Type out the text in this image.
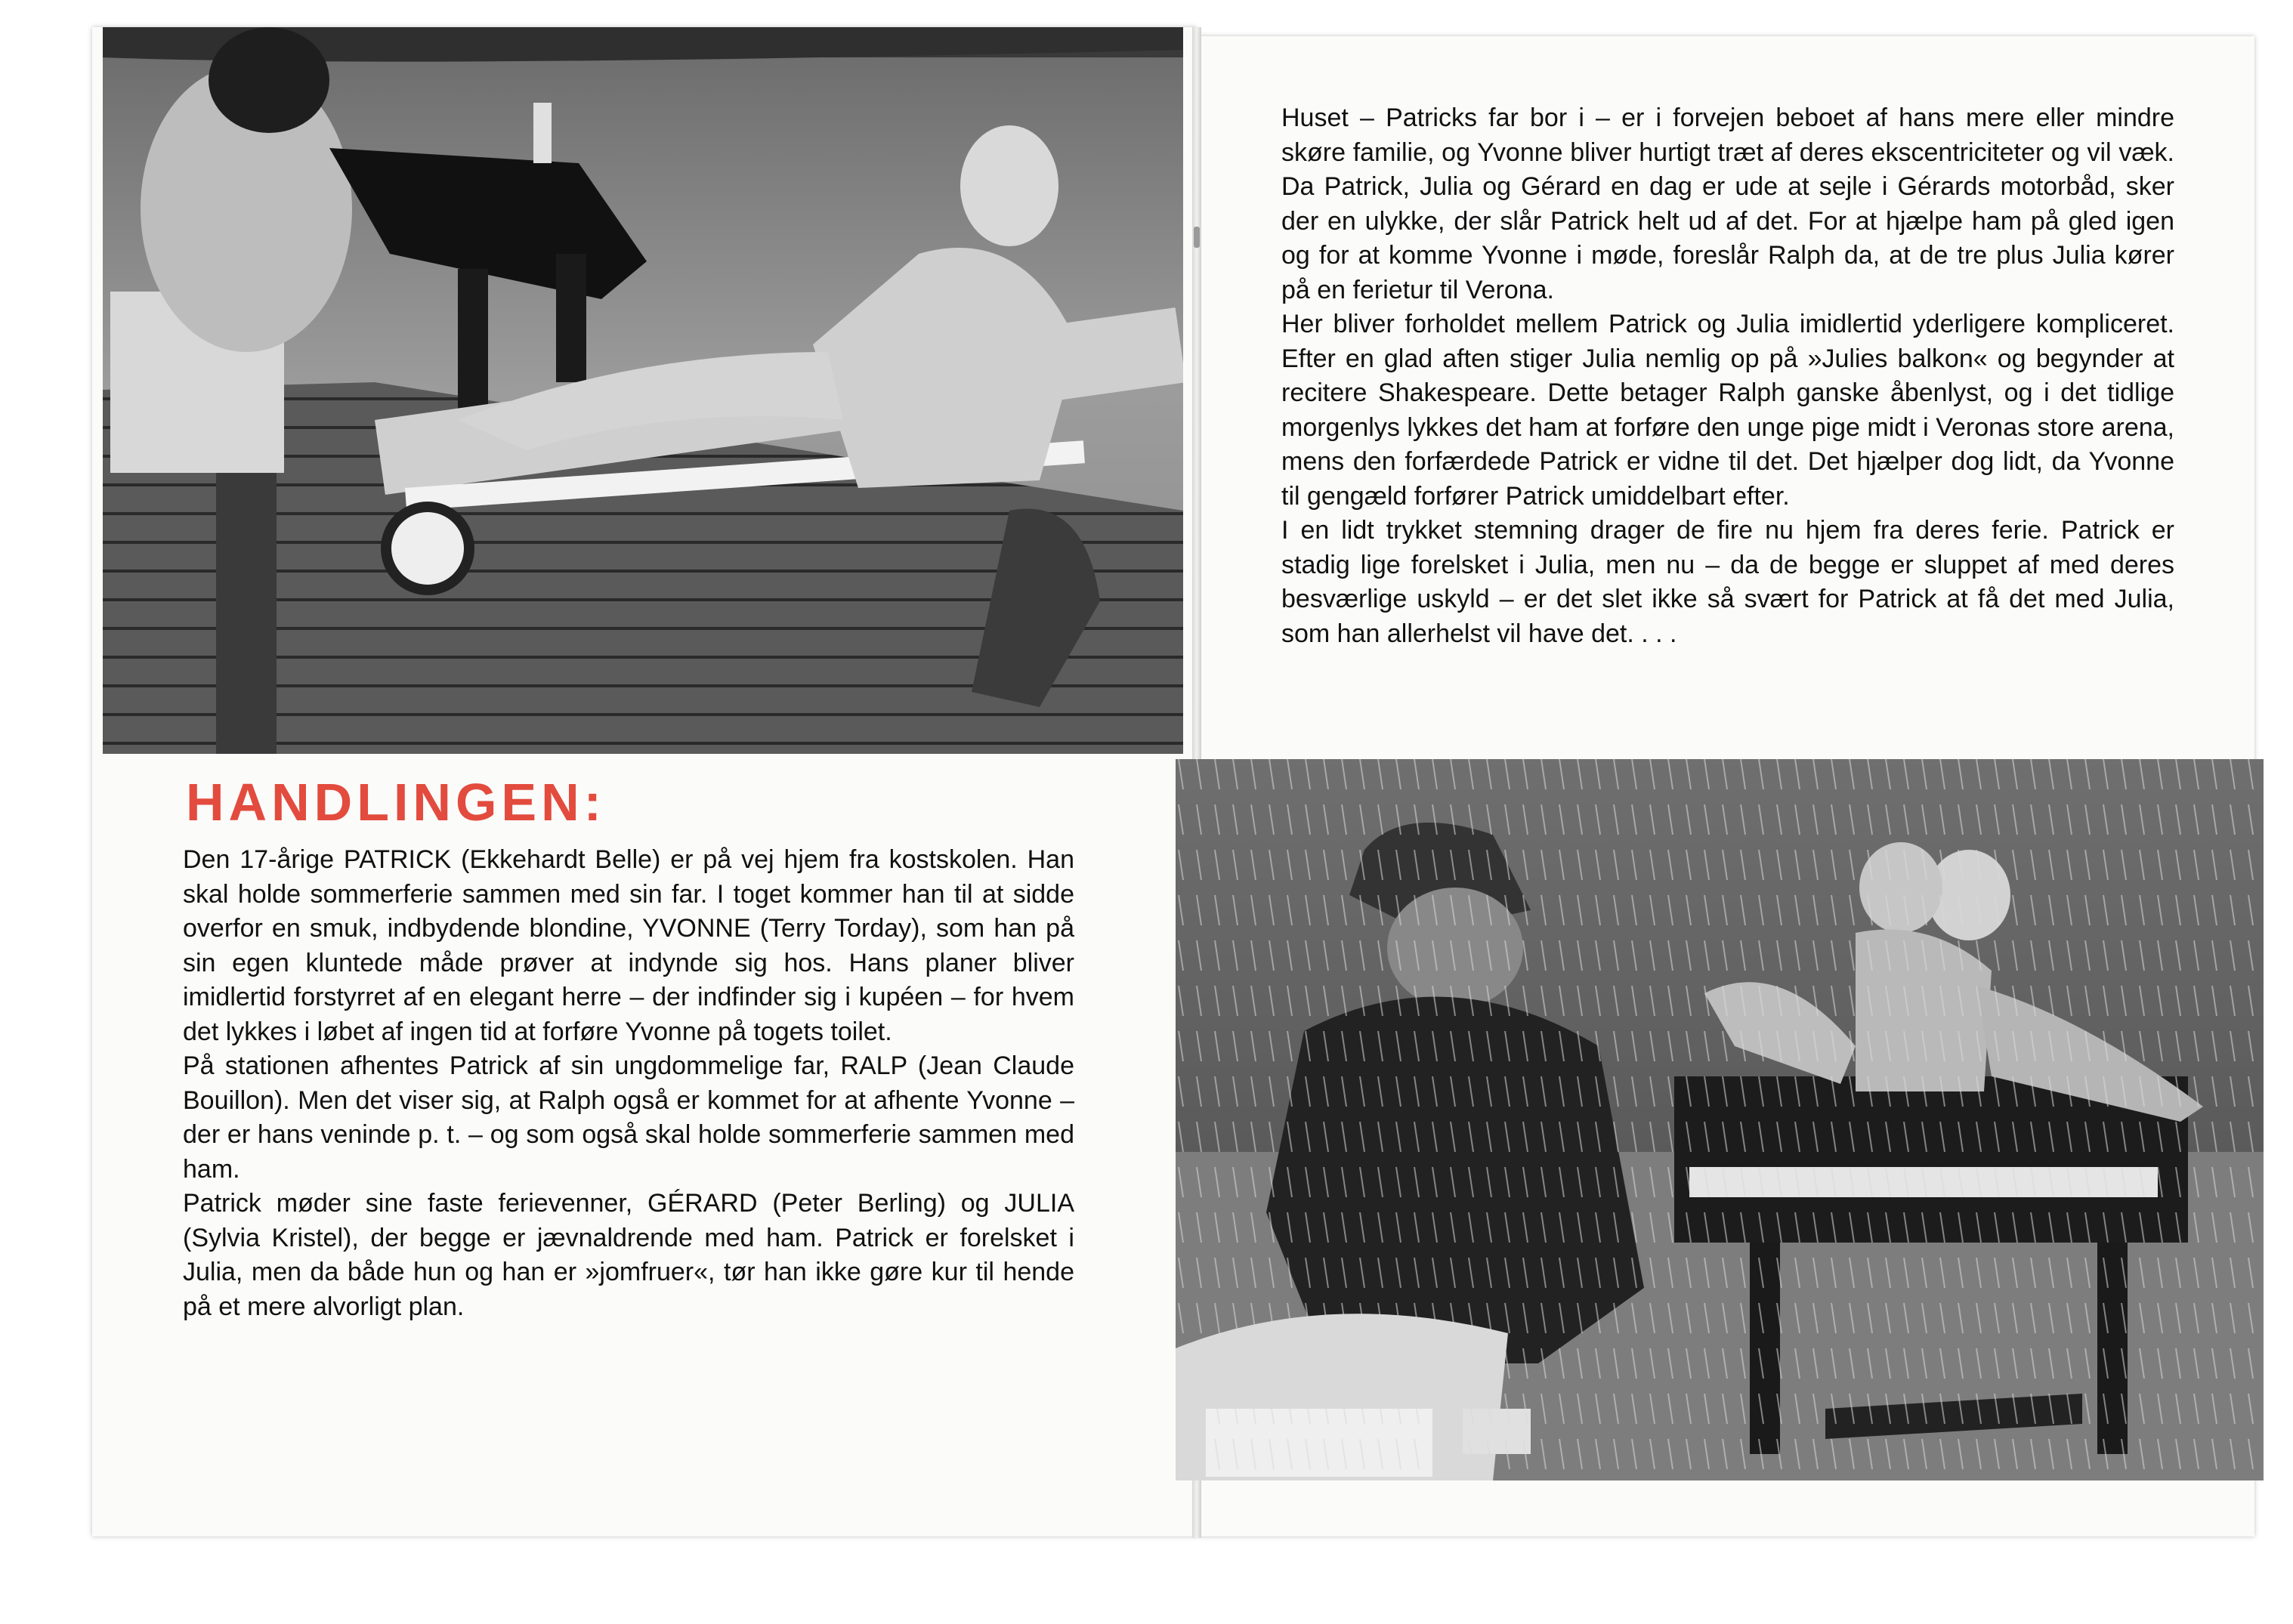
HANDLINGEN:

Den 17-årige PATRICK (Ekkehardt Belle) er på vej hjem fra kostskolen. Han skal holde sommerferie sammen med sin far. I toget kommer han til at sidde overfor en smuk, indbydende blondine, YVONNE (Terry Torday), som han på sin egen kluntede måde prøver at indynde sig hos. Hans planer bliver imidlertid forstyrret af en elegant herre – der indfinder sig i kupéen – for hvem det lykkes i løbet af ingen tid at forføre Yvonne på togets toilet.

På stationen afhentes Patrick af sin ungdommelige far, RALP (Jean Claude Bouillon). Men det viser sig, at Ralph også er kommet for at afhente Yvonne – der er hans veninde p. t. – og som også skal holde sommerferie sammen med ham.

Patrick møder sine faste ferievenner, GÉRARD (Peter Berling) og JULIA (Sylvia Kristel), der begge er jævnaldrende med ham. Patrick er forelsket i Julia, men da både hun og han er »jomfruer«, tør han ikke gøre kur til hende på et mere alvorligt plan.

Huset – Patricks far bor i – er i forvejen beboet af hans mere eller mindre skøre familie, og Yvonne bliver hurtigt træt af deres ekscentriciteter og vil væk. Da Patrick, Julia og Gérard en dag er ude at sejle i Gérards motorbåd, sker der en ulykke, der slår Patrick helt ud af det. For at hjælpe ham på gled igen og for at komme Yvonne i møde, foreslår Ralph da, at de tre plus Julia kører på en ferietur til Verona.

Her bliver forholdet mellem Patrick og Julia imidlertid yderligere kompliceret. Efter en glad aften stiger Julia nemlig op på »Julies balkon« og begynder at recitere Shakespeare. Dette betager Ralph ganske åbenlyst, og i det tidlige morgenlys lykkes det ham at forføre den unge pige midt i Veronas store arena, mens den forfærdede Patrick er vidne til det. Det hjælper dog lidt, da Yvonne til gengæld forfører Patrick umiddelbart efter.

I en lidt trykket stemning drager de fire nu hjem fra deres ferie. Patrick er stadig lige forelsket i Julia, men nu – da de begge er sluppet af med deres besværlige uskyld – er det slet ikke så svært for Patrick at få det med Julia, som han allerhelst vil have det. . . .
